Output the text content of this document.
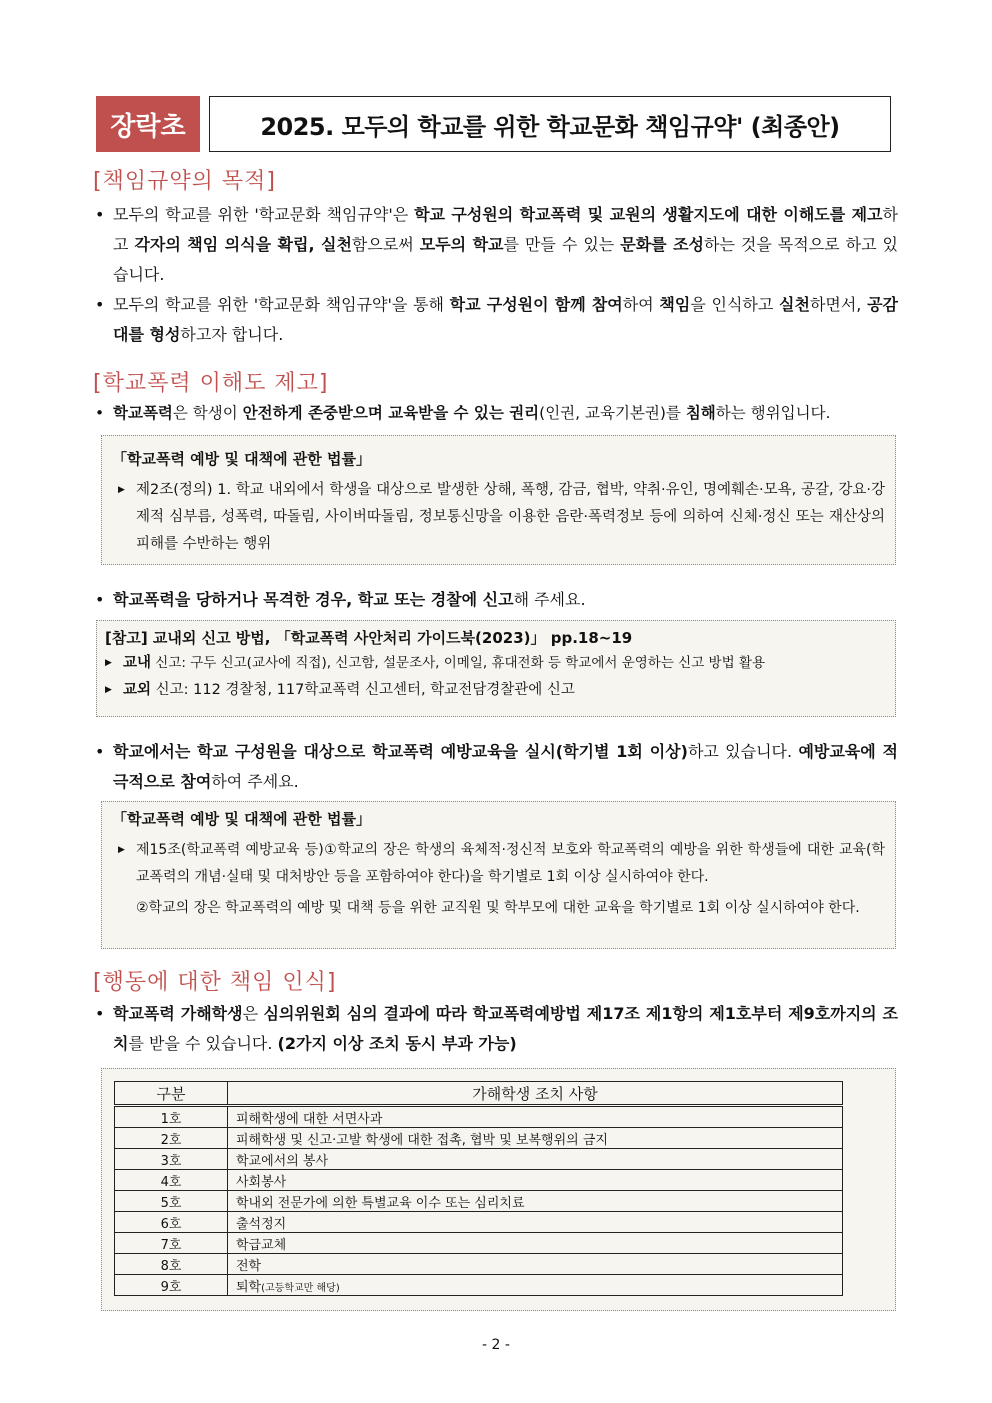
장락초	2025. 모두의 학교를 위한 학교문화 책임규약' (최종안)
[책임규약의 목적]

• 모두의 학교를 위한 '학교문화 책임규약'은 학교 구성원의 학교폭력 및 교원의 생활지도에 대한 이해도를 제고하고 각자의 책임 의식을 확립, 실천함으로써 모두의 학교를 만들 수 있는 문화를 조성하는 것을 목적으로 하고 있습니다.

• 모두의 학교를 위한 '학교문화 책임규약'을 통해 학교 구성원이 함께 참여하여 책임을 인식하고 실천하면서, 공감대를 형성하고자 합니다.

[학교폭력 이해도 제고]

• 학교폭력은 학생이 안전하게 존중받으며 교육받을 수 있는 권리(인권, 교육기본권)를 침해하는 행위입니다.

「학교폭력 예방 및 대책에 관한 법률」
▶ 제2조(정의) 1. 학교 내외에서 학생을 대상으로 발생한 상해, 폭행, 감금, 협박, 약취·유인, 명예훼손·모욕, 공갈, 강요·강제적 심부름, 성폭력, 따돌림, 사이버따돌림, 정보통신망을 이용한 음란·폭력정보 등에 의하여 신체·정신 또는 재산상의 피해를 수반하는 행위

• 학교폭력을 당하거나 목격한 경우, 학교 또는 경찰에 신고해 주세요.

[참고] 교내외 신고 방법, 「학교폭력 사안처리 가이드북(2023)」 pp.18~19
▶ 교내 신고: 구두 신고(교사에 직접), 신고함, 설문조사, 이메일, 휴대전화 등 학교에서 운영하는 신고 방법 활용
▶ 교외 신고: 112 경찰청, 117학교폭력 신고센터, 학교전담경찰관에 신고

• 학교에서는 학교 구성원을 대상으로 학교폭력 예방교육을 실시(학기별 1회 이상)하고 있습니다. 예방교육에 적극적으로 참여하여 주세요.

「학교폭력 예방 및 대책에 관한 법률」
▶ 제15조(학교폭력 예방교육 등)①학교의 장은 학생의 육체적·정신적 보호와 학교폭력의 예방을 위한 학생들에 대한 교육(학교폭력의 개념·실태 및 대처방안 등을 포함하여야 한다)을 학기별로 1회 이상 실시하여야 한다.
②학교의 장은 학교폭력의 예방 및 대책 등을 위한 교직원 및 학부모에 대한 교육을 학기별로 1회 이상 실시하여야 한다.
[행동에 대한 책임 인식]

• 학교폭력 가해학생은 심의위원회 심의 결과에 따라 학교폭력예방법 제17조 제1항의 제1호부터 제9호까지의 조치를 받을 수 있습니다. (2가지 이상 조치 동시 부과 가능)

구분	가해학생 조치 사항
1호	피해학생에 대한 서면사과
2호	피해학생 및 신고·고발 학생에 대한 접촉, 협박 및 보복행위의 금지
3호	학교에서의 봉사
4호	사회봉사
5호	학내외 전문가에 의한 특별교육 이수 또는 심리치료
6호	출석정지
7호	학급교체
8호	전학
9호	퇴학(고등학교만 해당)
- 2 -
